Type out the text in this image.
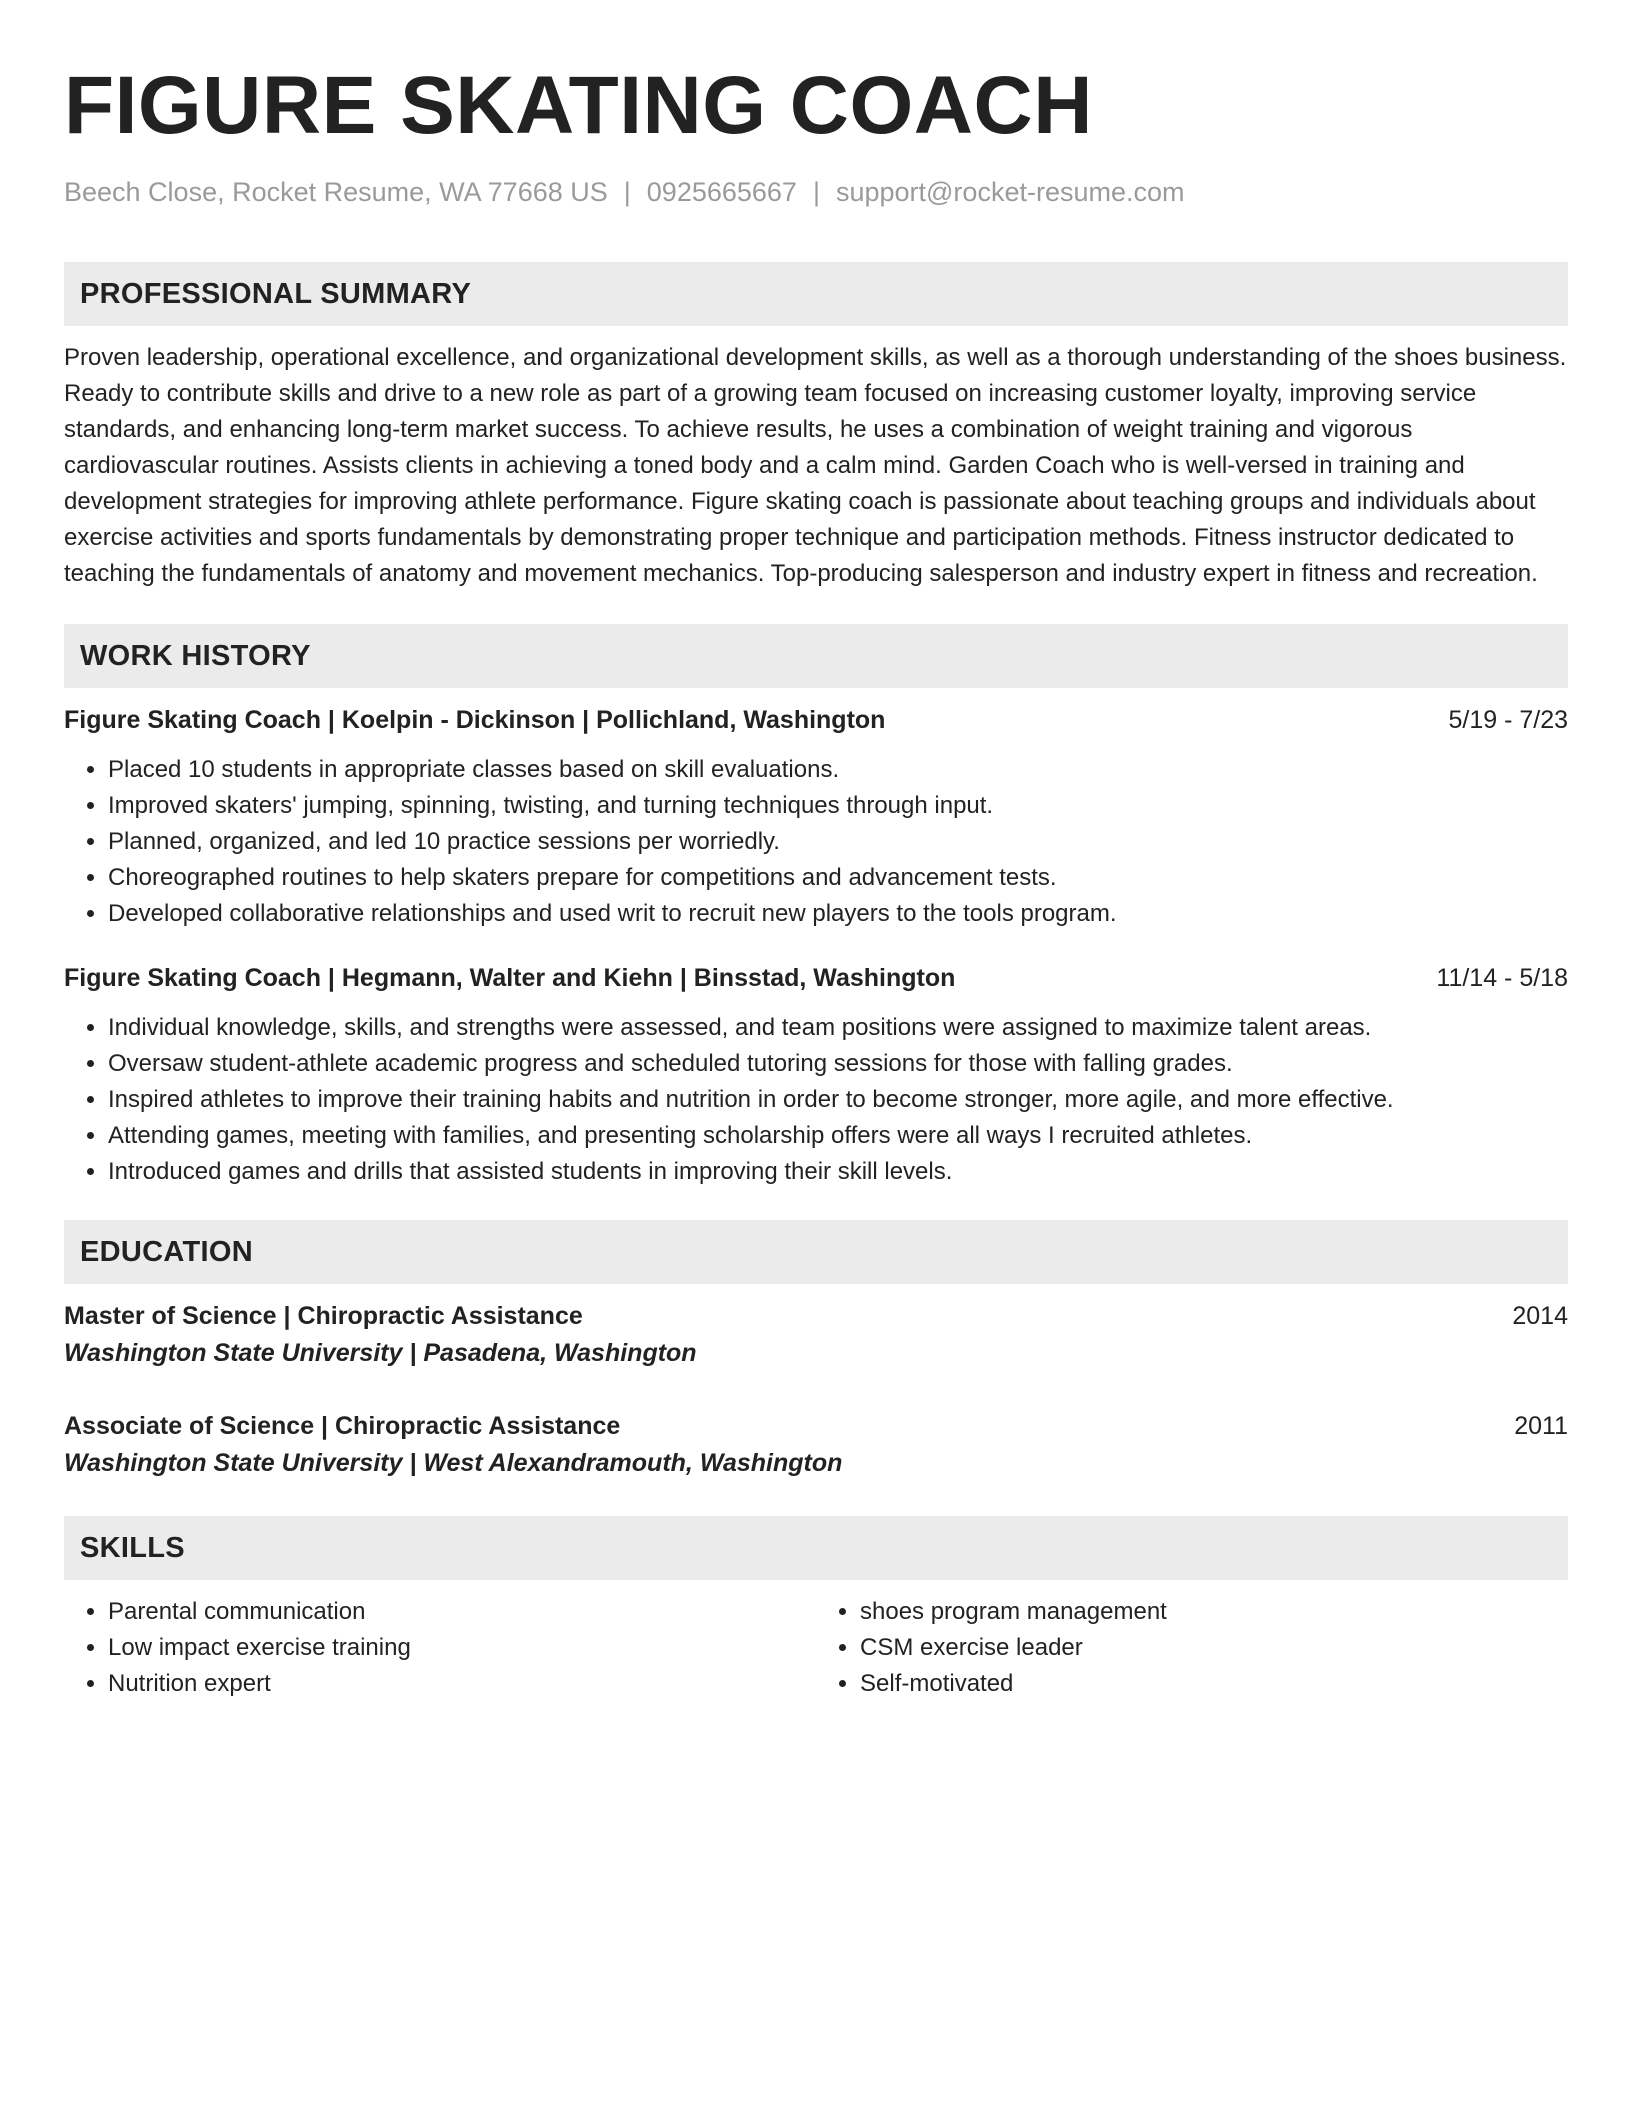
FIGURE SKATING COACH
Beech Close, Rocket Resume, WA 77668 US | 0925665667 | support@rocket-resume.com
PROFESSIONAL SUMMARY
Proven leadership, operational excellence, and organizational development skills, as well as a thorough understanding of the shoes business. Ready to contribute skills and drive to a new role as part of a growing team focused on increasing customer loyalty, improving service standards, and enhancing long-term market success. To achieve results, he uses a combination of weight training and vigorous cardiovascular routines. Assists clients in achieving a toned body and a calm mind. Garden Coach who is well-versed in training and development strategies for improving athlete performance. Figure skating coach is passionate about teaching groups and individuals about exercise activities and sports fundamentals by demonstrating proper technique and participation methods. Fitness instructor dedicated to teaching the fundamentals of anatomy and movement mechanics. Top-producing salesperson and industry expert in fitness and recreation.
WORK HISTORY
Figure Skating Coach | Koelpin - Dickinson | Pollichland, Washington	5/19 - 7/23
• Placed 10 students in appropriate classes based on skill evaluations.
• Improved skaters' jumping, spinning, twisting, and turning techniques through input.
• Planned, organized, and led 10 practice sessions per worriedly.
• Choreographed routines to help skaters prepare for competitions and advancement tests.
• Developed collaborative relationships and used writ to recruit new players to the tools program.
Figure Skating Coach | Hegmann, Walter and Kiehn | Binsstad, Washington	11/14 - 5/18
• Individual knowledge, skills, and strengths were assessed, and team positions were assigned to maximize talent areas.
• Oversaw student-athlete academic progress and scheduled tutoring sessions for those with falling grades.
• Inspired athletes to improve their training habits and nutrition in order to become stronger, more agile, and more effective.
• Attending games, meeting with families, and presenting scholarship offers were all ways I recruited athletes.
• Introduced games and drills that assisted students in improving their skill levels.
EDUCATION
Master of Science | Chiropractic Assistance	2014
Washington State University | Pasadena, Washington
Associate of Science | Chiropractic Assistance	2011
Washington State University | West Alexandramouth, Washington
SKILLS
• Parental communication
• Low impact exercise training
• Nutrition expert
• shoes program management
• CSM exercise leader
• Self-motivated
